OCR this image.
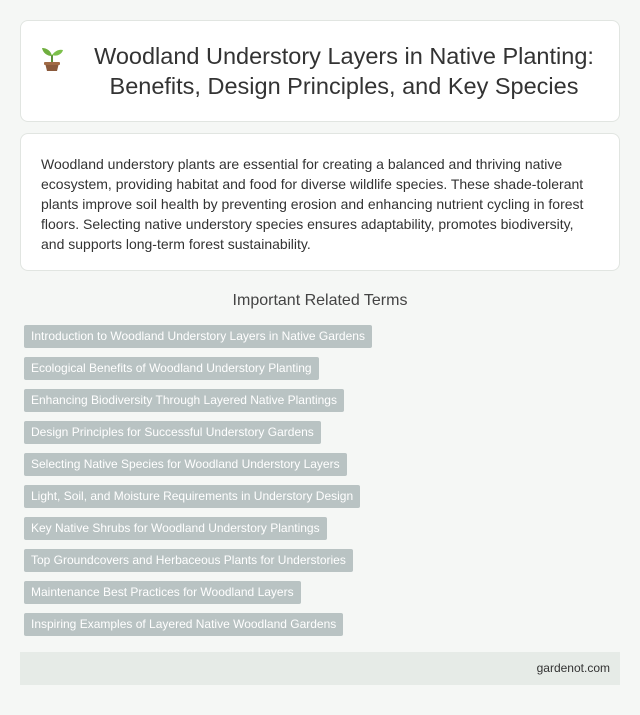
Woodland Understory Layers in Native Planting: Benefits, Design Principles, and Key Species

Woodland understory plants are essential for creating a balanced and thriving native ecosystem, providing habitat and food for diverse wildlife species. These shade-tolerant plants improve soil health by preventing erosion and enhancing nutrient cycling in forest floors. Selecting native understory species ensures adaptability, promotes biodiversity, and supports long-term forest sustainability.

Important Related Terms
Introduction to Woodland Understory Layers in Native Gardens
Ecological Benefits of Woodland Understory Planting
Enhancing Biodiversity Through Layered Native Plantings
Design Principles for Successful Understory Gardens
Selecting Native Species for Woodland Understory Layers
Light, Soil, and Moisture Requirements in Understory Design
Key Native Shrubs for Woodland Understory Plantings
Top Groundcovers and Herbaceous Plants for Understories
Maintenance Best Practices for Woodland Layers
Inspiring Examples of Layered Native Woodland Gardens
gardenot.com
